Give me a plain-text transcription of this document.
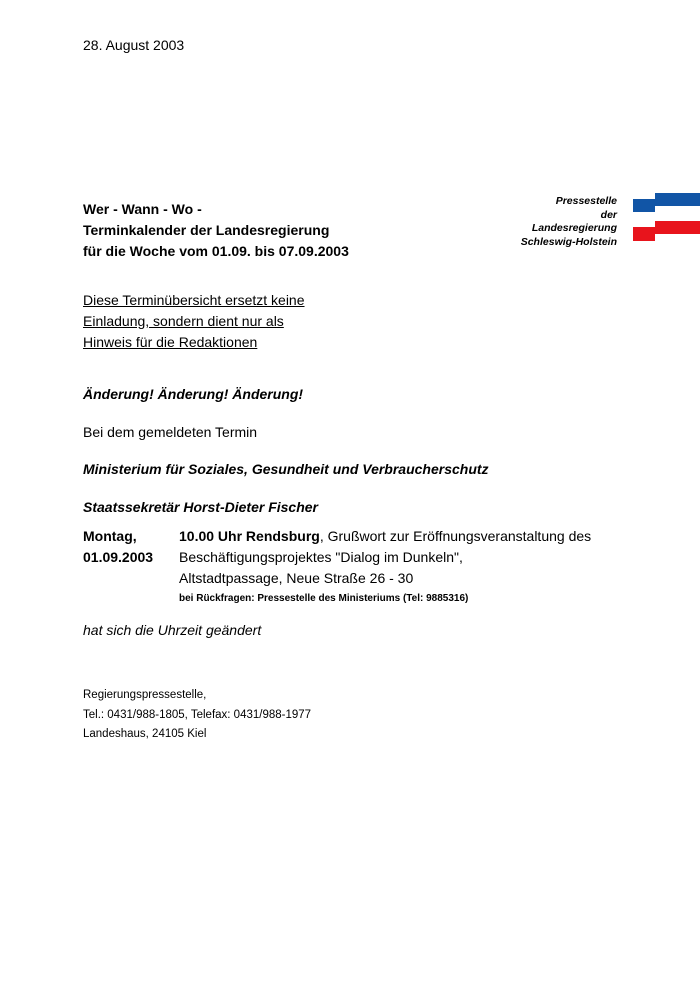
28. August 2003
Wer - Wann - Wo -
Terminkalender der Landesregierung
für die Woche vom 01.09. bis 07.09.2003
Pressestelle
der
Landesregierung
Schleswig-Holstein
Diese Terminübersicht ersetzt keine
Einladung, sondern dient nur als
Hinweis für die Redaktionen
Änderung! Änderung! Änderung!
Bei dem gemeldeten Termin
Ministerium für Soziales, Gesundheit und Verbraucherschutz
Staatssekretär Horst-Dieter Fischer
Montag,
01.09.2003
10.00 Uhr Rendsburg, Grußwort zur Eröffnungsveranstaltung des
Beschäftigungsprojektes "Dialog im Dunkeln",
Altstadtpassage, Neue Straße 26 - 30
bei Rückfragen: Pressestelle des Ministeriums (Tel: 9885316)
hat sich die Uhrzeit geändert
Regierungspressestelle,
Tel.: 0431/988-1805, Telefax: 0431/988-1977
Landeshaus, 24105 Kiel
